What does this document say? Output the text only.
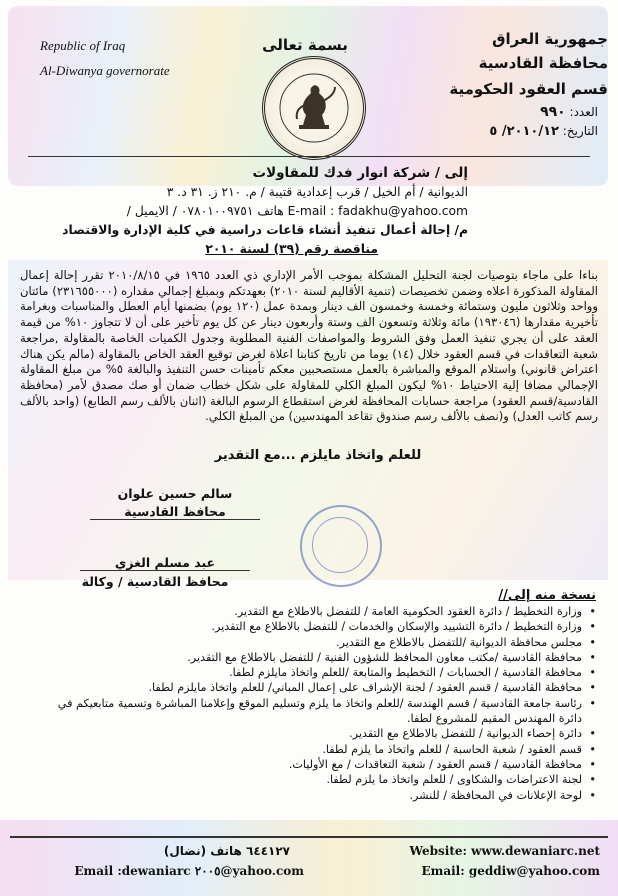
Republic of Iraq
Al-Diwanya governorate
بسمة تعالى	جمهورية العراق
محافظة القادسية
قسم العقود الحكومية
العدد: ٩٩٠
التاريخ: ٢٠١٠/١٢/ ٥
إلى / شركة انوار فدك للمقاولات
الديوانية / أم الخيل / قرب إعدادية قتيبة / م. ٢١٠ ز. ٣١ د. ٣
/ هاتف ٠٧٨٠١٠٠٩٧٥١ / الايميل E-mail : fadakhu@yahoo.com
م/ إحالة أعمال تنفيذ أنشاء قاعات دراسية في كلية الإدارة والاقتصاد
مناقصة رقم (٣٩) لسنة ٢٠١٠
بناءا على ماجاء بتوصيات لجنة التحليل المشكلة بموجب الأمر الإداري ذي العدد ١٩٦٥ في ٢٠١٠/٨/١٥ تقرر إحالة إعمال المقاولة المذكورة اعلاه وضمن تخصيصات (تنمية الأقاليم لسنة ٢٠١٠) بعهدتكم وبمبلغ إجمالي مقداره (٢٣١٦٥٥٠٠٠) مائتان وواحد وثلاثون مليون وستمائة وخمسة وخمسون الف دينار وبمدة عمل (١٢٠ يوم) بضمنها أيام العطل والمناسبات وبغرامة تأخيرية مقدارها (١٩٣٠٤٦) مائة وثلاثة وتسعون الف وستة وأربعون دينار عن كل يوم تأخير على أن لا تتجاوز ١٠% من قيمة العقد على أن يجري تنفيذ العمل وفق الشروط والمواصفات الفنية المطلوبة وجدول الكميات الخاصة بالمقاولة ,مراجعة شعبة التعاقدات في قسم العقود خلال (١٤) يوما من تاريخ كتابنا اعلاة لغرض توقيع العقد الخاص بالمقاولة (مالم يكن هناك اعتراض قانوني) واستلام الموقع والمباشرة بالعمل مستصحبين معكم تأمينات حسن التنفيذ والبالغة ٥% من مبلغ المقاولة الإجمالي مضافا إلية الاحتياط ١٠% ليكون المبلغ الكلي للمقاولة على شكل خطاب ضمان أو صك مصدق لأمر (محافظة القادسية/قسم العقود) مراجعة حسابات المحافظة لغرض استقطاع الرسوم البالغة (اثنان بالألف رسم الطابع) (واحد بالألف رسم كاتب العدل) و(نصف بالألف رسم صندوق تقاعد المهندسين) من المبلغ الكلي.
للعلم واتخاذ مايلزم ...مع التقدير
سالم حسين علوان
محافظ القادسية
عبد مسلم الغزي
محافظ القادسية / وكالة
نسخة منه إلى//
• وزارة التخطيط / دائرة العقود الحكومية العامة / للتفضل بالاطلاع مع التقدير.
• وزارة التخطيط / دائرة التشييد والإسكان والخدمات / للتفضل بالاطلاع مع التقدير.
• مجلس محافظة الديوانية /للتفضل بالاطلاع مع التقدير.
• محافظة القادسية /مكتب معاون المحافظ للشؤون الفنية / للتفضل بالاطلاع مع التقدير.
• محافظة القادسية / الحسابات / التخطيط والمتابعة /للعلم واتخاذ مايلزم لطفا.
• محافظة القادسية / قسم العقود / لجنة الإشراف على إعمال المباني/ للعلم واتخاذ مايلزم لطفا.
• رئاسة جامعة القادسية / قسم الهندسة /للعلم واتخاذ ما يلزم وتسليم الموقع وإعلامنا المباشرة وتسمية متابعيكم في دائرة المهندس المقيم للمشروع لطفا.
• دائرة إحصاء الديوانية / للتفضل بالاطلاع مع التقدير.
• قسم العقود / شعبة الحاسبة / للعلم واتخاذ ما يلزم لطفا.
• محافظة القادسية / قسم العقود / شعبة التعاقدات / مع الأوليات.
• لجنة الاعتراضات والشكاوى / للعلم واتخاذ ما يلزم لطفا.
• لوحة الإعلانات في المحافظة / للنشر.
Website: www.dewaniarc.net
٦٤٤١٢٧ هاتف (نضال)
Email: geddiw@yahoo.com
Email :dewaniarc ٢٠٠٥@yahoo.com
